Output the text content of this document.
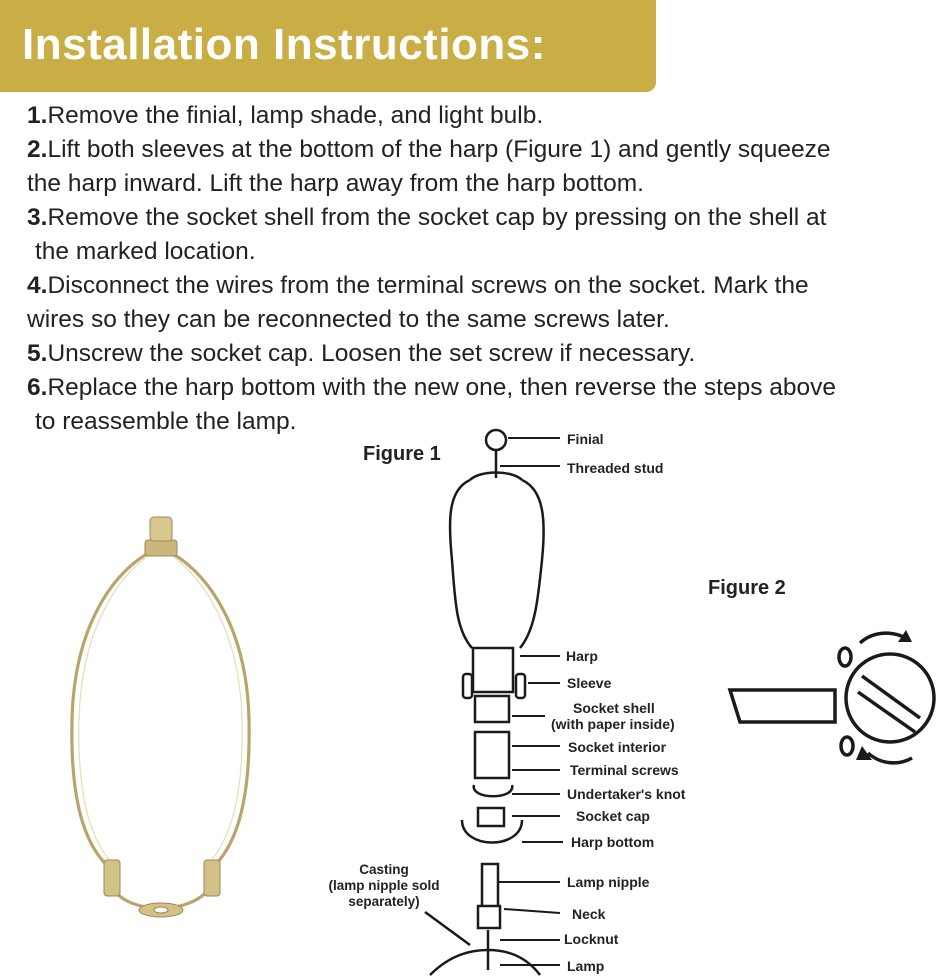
Installation Instructions:

1.Remove the finial, lamp shade, and light bulb.

2.Lift both sleeves at the bottom of the harp (Figure 1) and gently squeeze
the harp inward. Lift the harp away from the harp bottom.

3.Remove the socket shell from the socket cap by pressing on the shell at
the marked location.

4.Disconnect the wires from the terminal screws on the socket. Mark the
wires so they can be reconnected to the same screws later.

5.Unscrew the socket cap. Loosen the set screw if necessary.

6.Replace the harp bottom with the new one, then reverse the steps above
to reassemble the lamp.

Figure 1
Figure 2
Finial
Threaded stud
Harp
Sleeve
Socket shell
(with paper inside)
Socket interior
Terminal screws
Undertaker's knot
Socket cap
Harp bottom
Lamp nipple
Neck
Locknut
Lamp
Casting
(lamp nipple sold
separately)
